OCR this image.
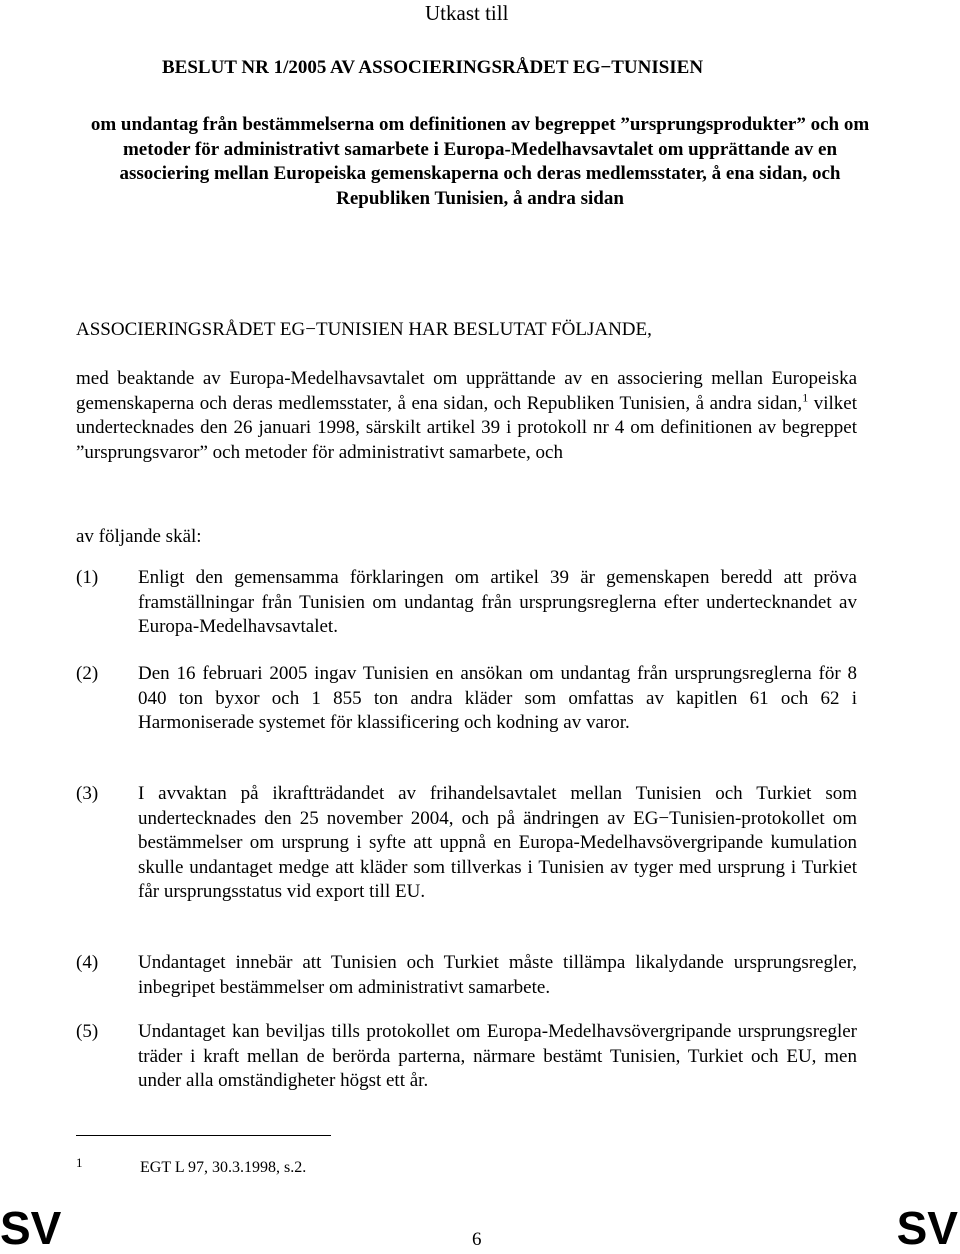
Utkast till
BESLUT NR 1/2005 AV ASSOCIERINGSRÅDET EG−TUNISIEN
om undantag från bestämmelserna om definitionen av begreppet ”ursprungsprodukter” och om metoder för administrativt samarbete i Europa-Medelhavsavtalet om upprättande av en associering mellan Europeiska gemenskaperna och deras medlemsstater, å ena sidan, och Republiken Tunisien, å andra sidan
ASSOCIERINGSRÅDET EG−TUNISIEN HAR BESLUTAT FÖLJANDE,
med beaktande av Europa-Medelhavsavtalet om upprättande av en associering mellan Europeiska gemenskaperna och deras medlemsstater, å ena sidan, och Republiken Tunisien, å andra sidan,$^1$ vilket undertecknades den 26 januari 1998, särskilt artikel 39 i protokoll nr 4 om definitionen av begreppet ”ursprungsvaror” och metoder för administrativt samarbete, och
av följande skäl:
(1) Enligt den gemensamma förklaringen om artikel 39 är gemenskapen beredd att pröva framställningar från Tunisien om undantag från ursprungsreglerna efter undertecknandet av Europa-Medelhavsavtalet.
(2) Den 16 februari 2005 ingav Tunisien en ansökan om undantag från ursprungsreglerna för 8 040 ton byxor och 1 855 ton andra kläder som omfattas av kapitlen 61 och 62 i Harmoniserade systemet för klassificering och kodning av varor.
(3) I avvaktan på ikraftträdandet av frihandelsavtalet mellan Tunisien och Turkiet som undertecknades den 25 november 2004, och på ändringen av EG−Tunisien-protokollet om bestämmelser om ursprung i syfte att uppnå en Europa-Medelhavsövergripande kumulation skulle undantaget medge att kläder som tillverkas i Tunisien av tyger med ursprung i Turkiet får ursprungsstatus vid export till EU.
(4) Undantaget innebär att Tunisien och Turkiet måste tillämpa likalydande ursprungsregler, inbegripet bestämmelser om administrativt samarbete.
(5) Undantaget kan beviljas tills protokollet om Europa-Medelhavsövergripande ursprungsregler träder i kraft mellan de berörda parterna, närmare bestämt Tunisien, Turkiet och EU, men under alla omständigheter högst ett år.
1	EGT L 97, 30.3.1998, s.2.
SV	6	SV
